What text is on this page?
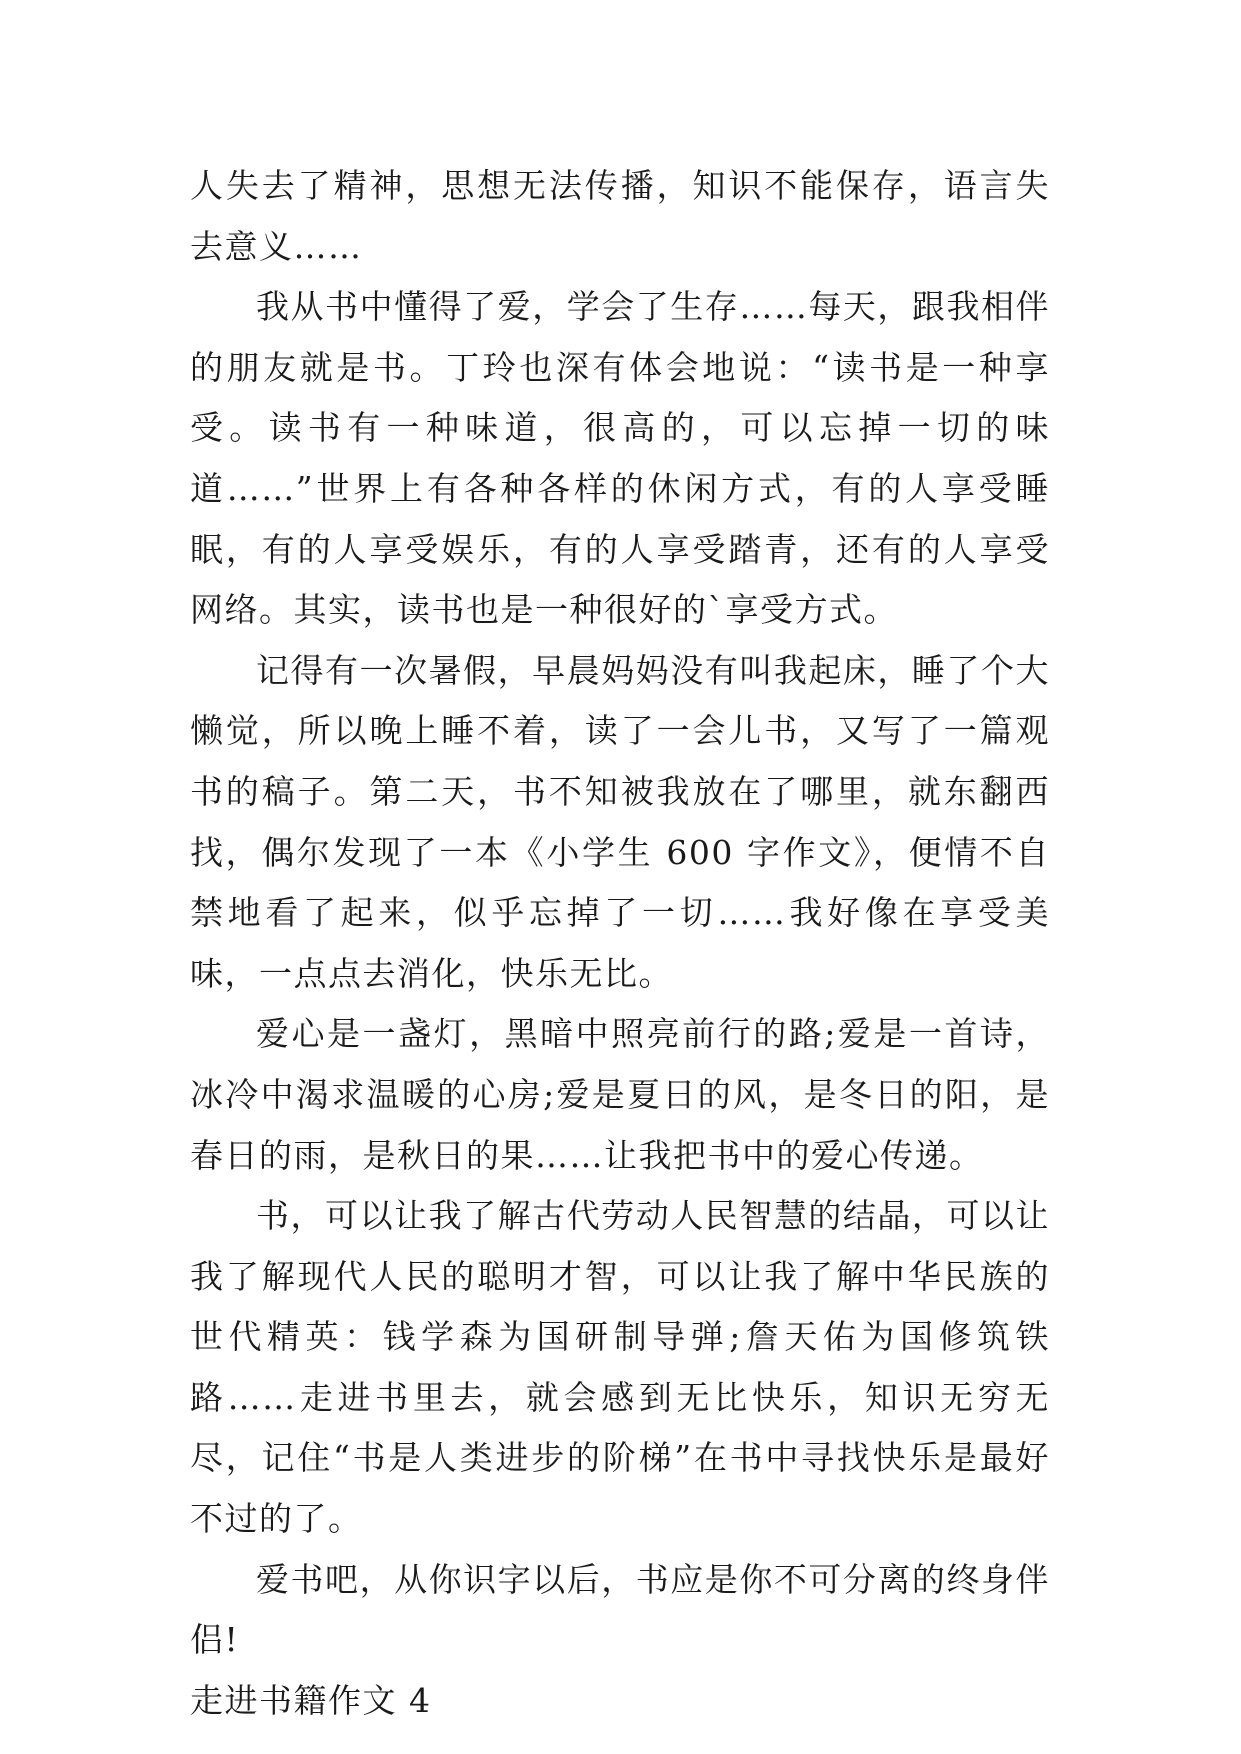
人失去了精神，思想无法传播，知识不能保存，语言失去意义……

我从书中懂得了爱，学会了生存……每天，跟我相伴的朋友就是书。丁玲也深有体会地说：“读书是一种享受。读书有一种味道，很高的，可以忘掉一切的味道……”世界上有各种各样的休闲方式，有的人享受睡眠，有的人享受娱乐，有的人享受踏青，还有的人享受网络。其实，读书也是一种很好的`享受方式。

记得有一次暑假，早晨妈妈没有叫我起床，睡了个大懒觉，所以晚上睡不着，读了一会儿书，又写了一篇观书的稿子。第二天，书不知被我放在了哪里，就东翻西找，偶尔发现了一本《小学生 600 字作文》，便情不自禁地看了起来，似乎忘掉了一切……我好像在享受美味，一点点去消化，快乐无比。

爱心是一盏灯，黑暗中照亮前行的路;爱是一首诗，冰冷中渴求温暖的心房;爱是夏日的风，是冬日的阳，是春日的雨，是秋日的果……让我把书中的爱心传递。

书，可以让我了解古代劳动人民智慧的结晶，可以让我了解现代人民的聪明才智，可以让我了解中华民族的世代精英：钱学森为国研制导弹;詹天佑为国修筑铁路……走进书里去，就会感到无比快乐，知识无穷无尽，记住“书是人类进步的阶梯”在书中寻找快乐是最好不过的了。

爱书吧，从你识字以后，书应是你不可分离的终身伴侣!

走进书籍作文 4
